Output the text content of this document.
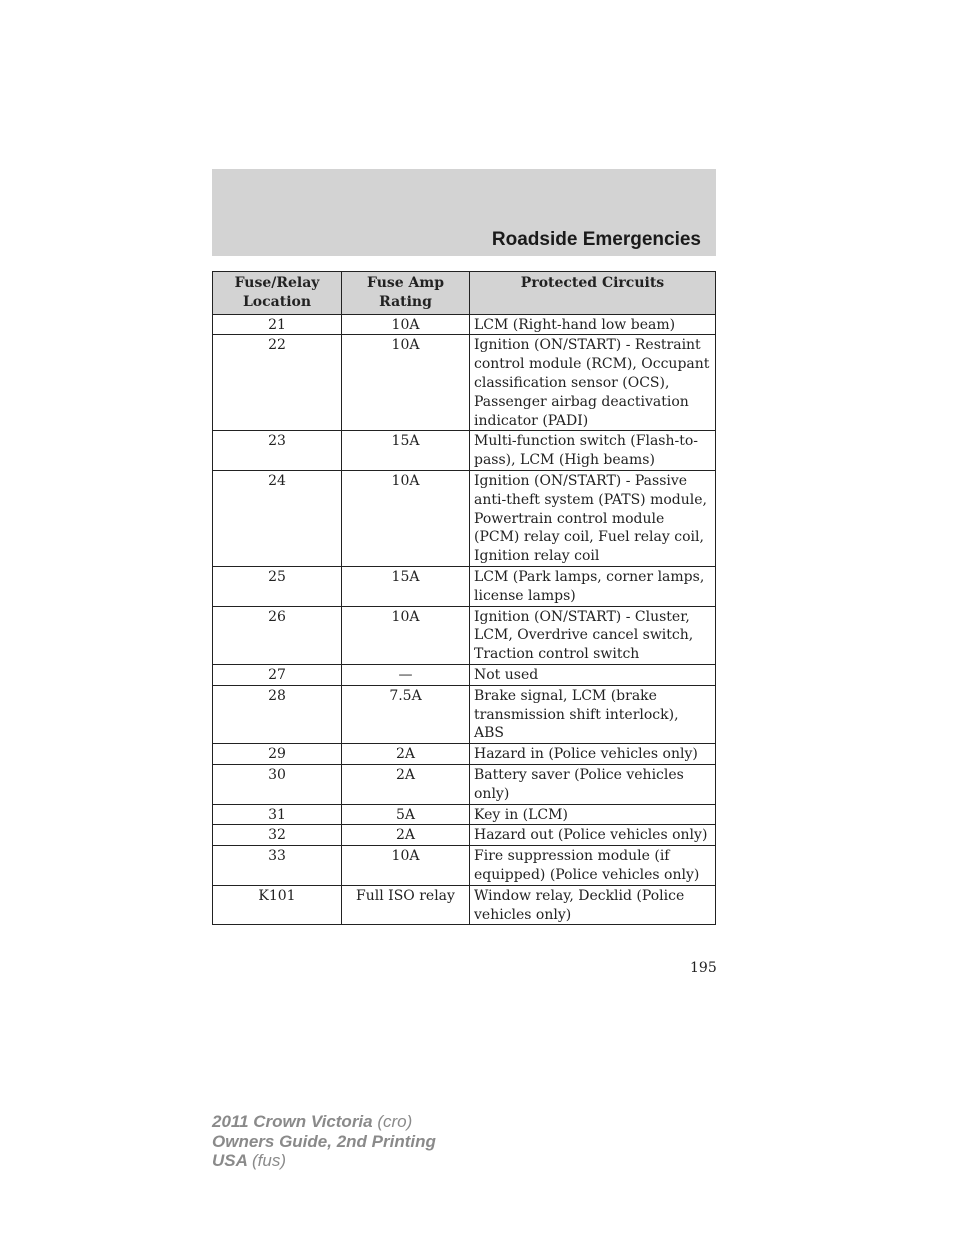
Roadside Emergencies
Fuse/Relay Location	Fuse Amp Rating	Protected Circuits
21	10A	LCM (Right-hand low beam)
22	10A	Ignition (ON/START) - Restraint control module (RCM), Occupant classification sensor (OCS), Passenger airbag deactivation indicator (PADI)
23	15A	Multi-function switch (Flash-to-pass), LCM (High beams)
24	10A	Ignition (ON/START) - Passive anti-theft system (PATS) module, Powertrain control module (PCM) relay coil, Fuel relay coil, Ignition relay coil
25	15A	LCM (Park lamps, corner lamps, license lamps)
26	10A	Ignition (ON/START) - Cluster, LCM, Overdrive cancel switch, Traction control switch
27	—	Not used
28	7.5A	Brake signal, LCM (brake transmission shift interlock), ABS
29	2A	Hazard in (Police vehicles only)
30	2A	Battery saver (Police vehicles only)
31	5A	Key in (LCM)
32	2A	Hazard out (Police vehicles only)
33	10A	Fire suppression module (if equipped) (Police vehicles only)
K101	Full ISO relay	Window relay, Decklid (Police vehicles only)
195
2011 Crown Victoria (cro)
Owners Guide, 2nd Printing
USA (fus)
